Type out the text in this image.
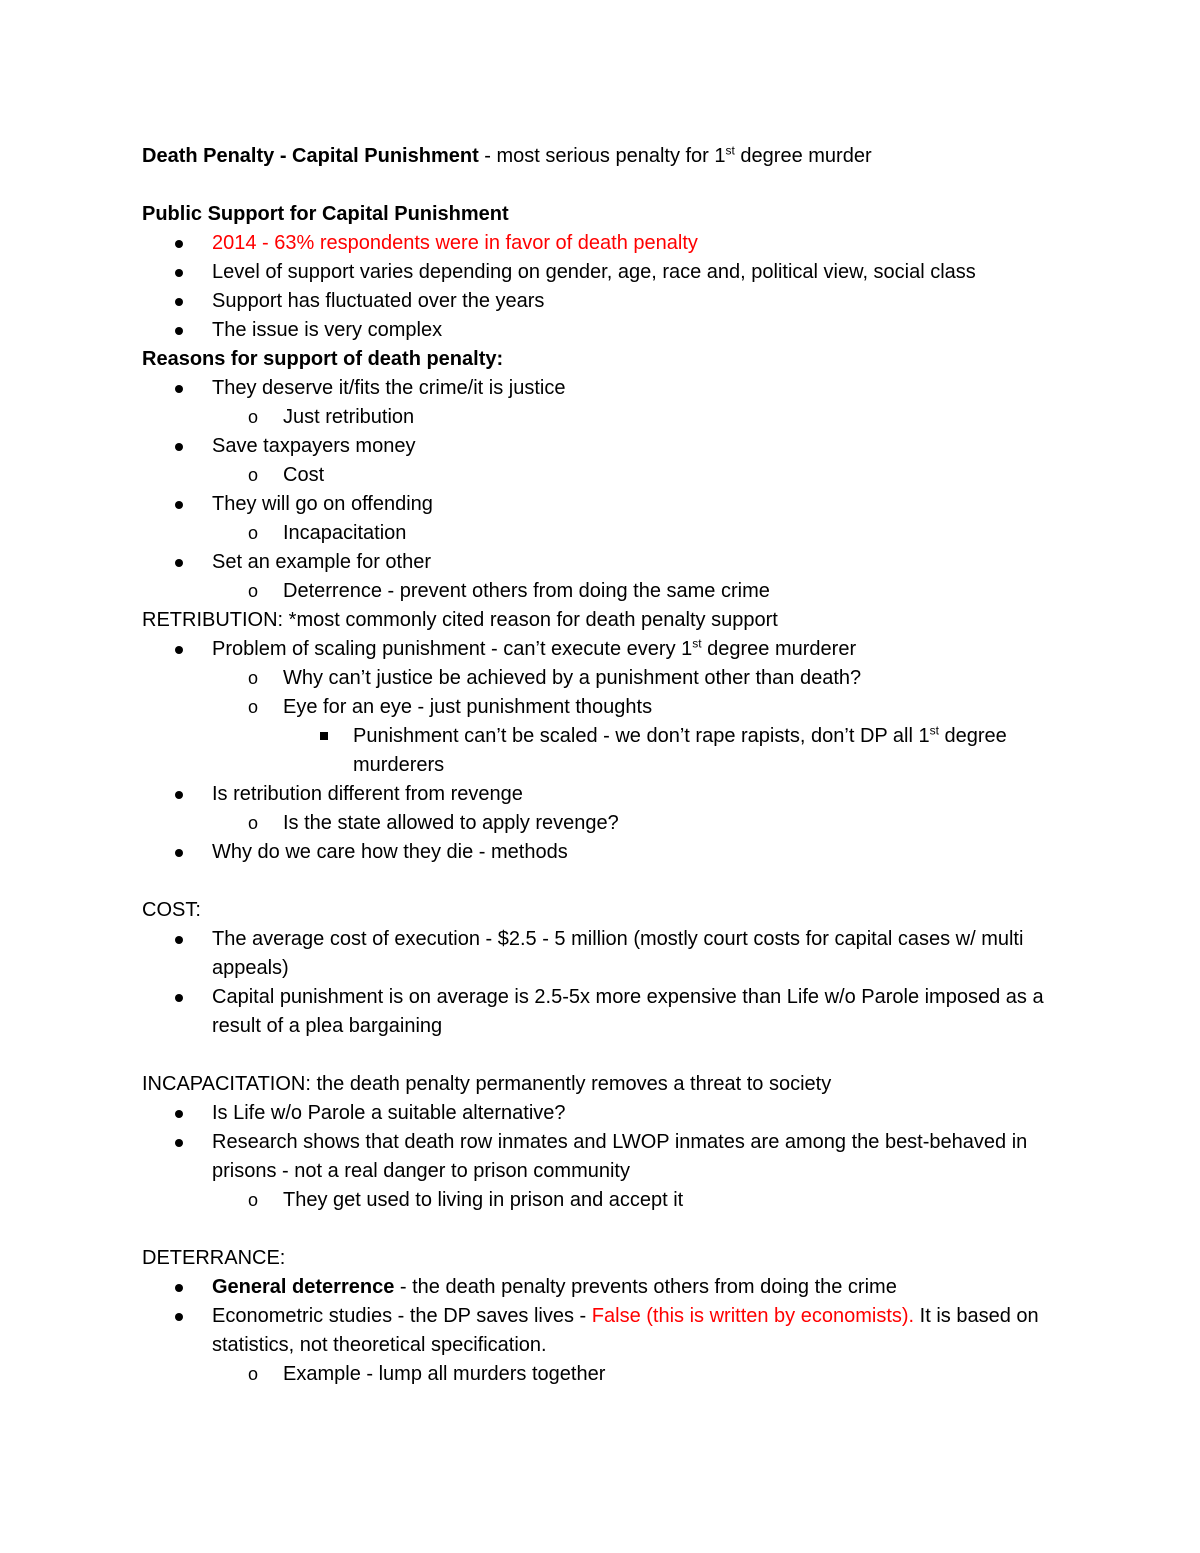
Death Penalty - Capital Punishment - most serious penalty for 1st degree murder
Public Support for Capital Punishment
2014 - 63% respondents were in favor of death penalty
Level of support varies depending on gender, age, race and, political view, social class
Support has fluctuated over the years
The issue is very complex
Reasons for support of death penalty:
They deserve it/fits the crime/it is justice
o Just retribution
Save taxpayers money
o Cost
They will go on offending
o Incapacitation
Set an example for other
o Deterrence - prevent others from doing the same crime
RETRIBUTION: *most commonly cited reason for death penalty support
Problem of scaling punishment - can’t execute every 1st degree murderer
o Why can’t justice be achieved by a punishment other than death?
o Eye for an eye - just punishment thoughts
Punishment can’t be scaled - we don’t rape rapists, don’t DP all 1st degree murderers
Is retribution different from revenge
o Is the state allowed to apply revenge?
Why do we care how they die - methods
COST:
The average cost of execution - $2.5 - 5 million (mostly court costs for capital cases w/ multi appeals)
Capital punishment is on average is 2.5-5x more expensive than Life w/o Parole imposed as a result of a plea bargaining
INCAPACITATION: the death penalty permanently removes a threat to society
Is Life w/o Parole a suitable alternative?
Research shows that death row inmates and LWOP inmates are among the best-behaved in prisons - not a real danger to prison community
o They get used to living in prison and accept it
DETERRANCE:
General deterrence - the death penalty prevents others from doing the crime
Econometric studies - the DP saves lives - False (this is written by economists). It is based on statistics, not theoretical specification.
o Example - lump all murders together
